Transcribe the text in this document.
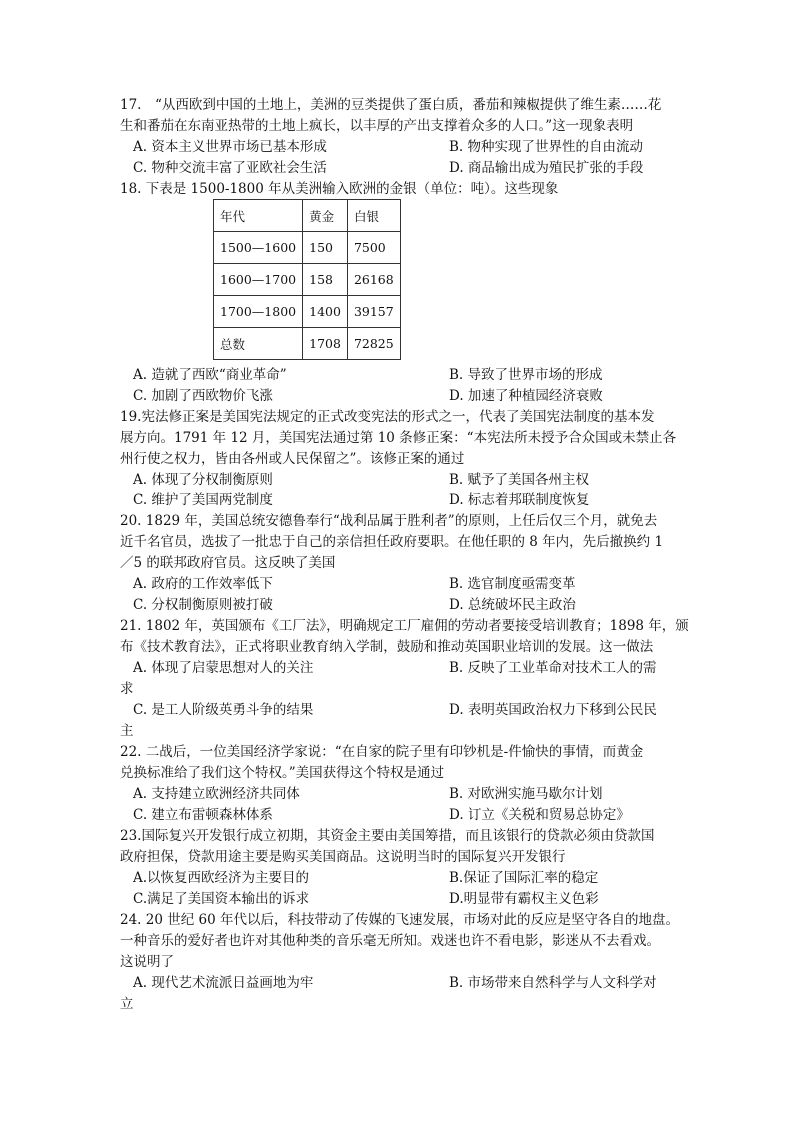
17.　“从西欧到中国的土地上，美洲的豆类提供了蛋白质，番茄和辣椒提供了维生素……花
生和番茄在东南亚热带的土地上疯长，以丰厚的产出支撑着众多的人口。”这一现象表明
A. 资本主义世界市场已基本形成	B. 物种实现了世界性的自由流动
C. 物种交流丰富了亚欧社会生活	D. 商品输出成为殖民扩张的手段
18. 下表是 1500-1800 年从美洲输入欧洲的金银（单位：吨）。这些现象
年代	黄金	白银
1500—1600	150	7500
1600—1700	158	26168
1700—1800	1400	39157
总数	1708	72825
A. 造就了西欧“商业革命”	B. 导致了世界市场的形成
C. 加剧了西欧物价飞涨	D. 加速了种植园经济衰败
19.宪法修正案是美国宪法规定的正式改变宪法的形式之一，代表了美国宪法制度的基本发
展方向。1791 年 12 月，美国宪法通过第 10 条修正案：“本宪法所未授予合众国或未禁止各
州行使之权力，皆由各州或人民保留之”。该修正案的通过
A. 体现了分权制衡原则	B. 赋予了美国各州主权
C. 维护了美国两党制度	D. 标志着邦联制度恢复
20. 1829 年，美国总统安德鲁奉行“战利品属于胜利者”的原则，上任后仅三个月，就免去
近千名官员，选拔了一批忠于自己的亲信担任政府要职。在他任职的 8 年内，先后撤换约 1
／5 的联邦政府官员。这反映了美国
A. 政府的工作效率低下	B. 选官制度亟需变革
C. 分权制衡原则被打破	D. 总统破坏民主政治
21. 1802 年，英国颁布《工厂法》，明确规定工厂雇佣的劳动者要接受培训教育；1898 年，颁
布《技术教育法》，正式将职业教育纳入学制，鼓励和推动英国职业培训的发展。这一做法
A. 体现了启蒙思想对人的关注	B. 反映了工业革命对技术工人的需
求
C. 是工人阶级英勇斗争的结果	D. 表明英国政治权力下移到公民民
主
22. 二战后，一位美国经济学家说：“在自家的院子里有印钞机是-件愉快的事情，而黄金
兑换标准给了我们这个特权。”美国获得这个特权是通过
A. 支持建立欧洲经济共同体	B. 对欧洲实施马歇尔计划
C. 建立布雷顿森林体系	D. 订立《关税和贸易总协定》
23.国际复兴开发银行成立初期，其资金主要由美国筹措，而且该银行的贷款必须由贷款国
政府担保，贷款用途主要是购买美国商品。这说明当时的国际复兴开发银行
A.以恢复西欧经济为主要目的	B.保证了国际汇率的稳定
C.满足了美国资本输出的诉求	D.明显带有霸权主义色彩
24. 20 世纪 60 年代以后，科技带动了传媒的飞速发展，市场对此的反应是坚守各自的地盘。
一种音乐的爱好者也许对其他种类的音乐毫无所知。戏迷也许不看电影，影迷从不去看戏。
这说明了
A. 现代艺术流派日益画地为牢	B. 市场带来自然科学与人文科学对
立
